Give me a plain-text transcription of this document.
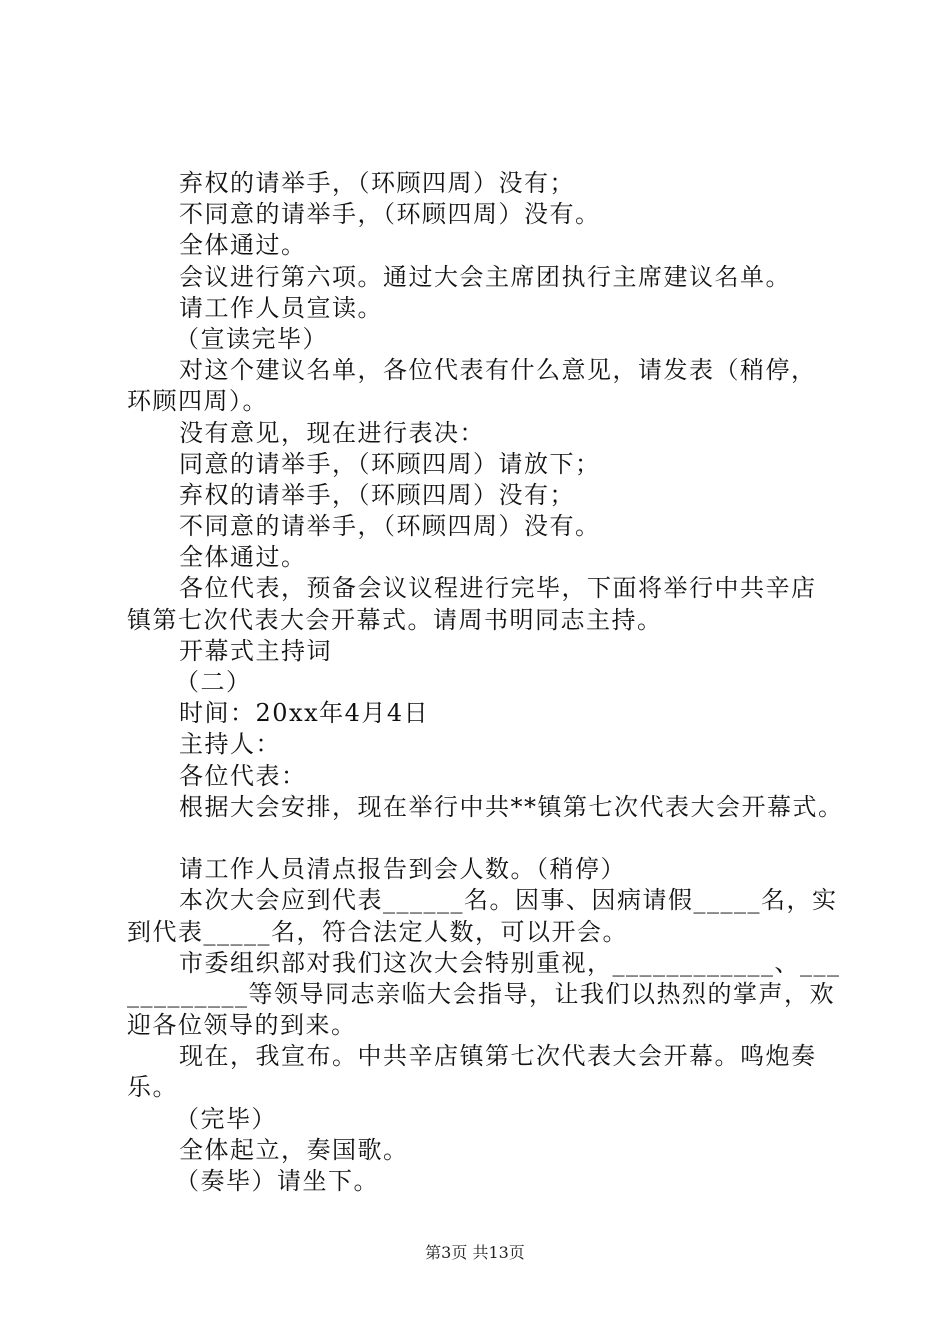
弃权的请举手，（环顾四周）没有；
不同意的请举手，（环顾四周）没有。
全体通过。
会议进行第六项。通过大会主席团执行主席建议名单。
请工作人员宣读。
（宣读完毕）
对这个建议名单，各位代表有什么意见，请发表（稍停，
环顾四周）。
没有意见，现在进行表决：
同意的请举手，（环顾四周）请放下；
弃权的请举手，（环顾四周）没有；
不同意的请举手，（环顾四周）没有。
全体通过。
各位代表，预备会议议程进行完毕，下面将举行中共辛店
镇第七次代表大会开幕式。请周书明同志主持。
开幕式主持词
（二）
时间：20xx年4月4日
主持人：
各位代表：
根据大会安排，现在举行中共**镇第七次代表大会开幕式。
请工作人员清点报告到会人数。（稍停）
本次大会应到代表______名。因事、因病请假_____名，实
到代表_____名，符合法定人数，可以开会。
市委组织部对我们这次大会特别重视，____________、___
_________等领导同志亲临大会指导，让我们以热烈的掌声，欢
迎各位领导的到来。
现在，我宣布。中共辛店镇第七次代表大会开幕。鸣炮奏
乐。
（完毕）
全体起立，奏国歌。
（奏毕）请坐下。
第3页 共13页
